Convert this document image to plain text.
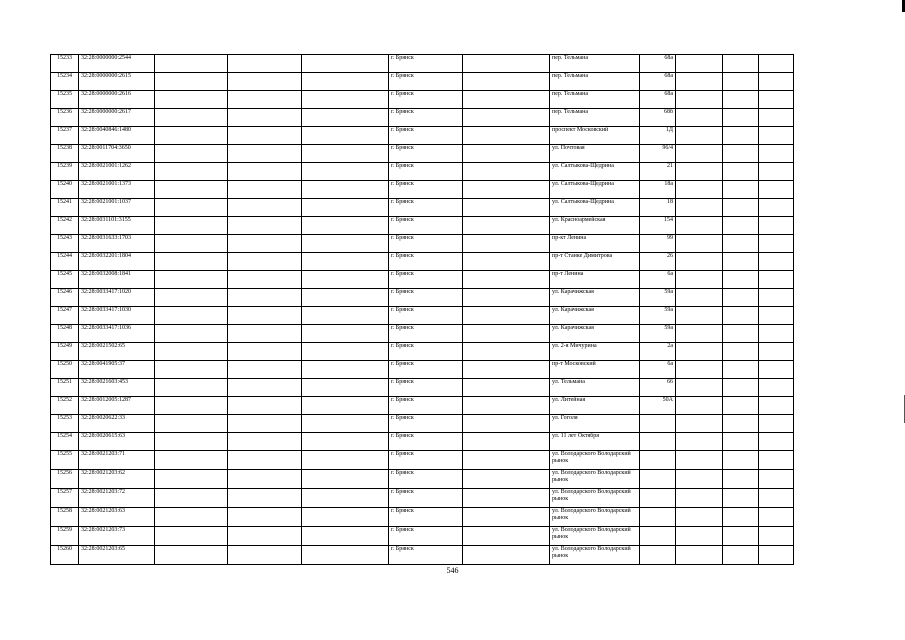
15233	32:28:0000000:2544				г. Брянск		пер. Тельмана	68а			
15234	32:28:0000000:2615				г. Брянск		пер. Тельмана	68а			
15235	32:28:0000000:2616				г. Брянск		пер. Тельмана	68а			
15236	32:28:0000000:2617				г. Брянск		пер. Тельмана	68б			
15237	32:28:0040846:1480				г. Брянск		проспект Московский	1Д			
15238	32:28:0011704:3650				г. Брянск		ул. Почтовая	96/4			
15239	32:28:0021001:1262				г. Брянск		ул. Салтыкова-Щедрина	21			
15240	32:28:0021001:1373				г. Брянск		ул. Салтыкова-Щедрина	18а			
15241	32:28:0021001:1037				г. Брянск		ул. Салтыкова-Щедрина	18			
15242	32:28:0031101:3155				г. Брянск		ул. Красноармейская	154			
15243	32:28:0031633:1703				г. Брянск		пр-кт Ленина	99			
15244	32:28:0032201:1804				г. Брянск		пр-т Станке Димитрова	26			
15245	32:28:0032008:1841				г. Брянск		пр-т Ленина	6а			
15246	32:28:0033417:1020				г. Брянск		ул. Карачижская	59а			
15247	32:28:0033417:1030				г. Брянск		ул. Карачижская	59а			
15248	32:28:0033417:1036				г. Брянск		ул. Карачижская	59а			
15249	32:28:0021502:65				г. Брянск		ул. 2-я Мичурина	2а			
15250	32:28:0041905:37				г. Брянск		пр-т Московский	6а			
15251	32:28:0021603:453				г. Брянск		ул. Тельмана	66			
15252	32:28:0012005:1287				г. Брянск		ул. Литейная	50А			
15253	32:28:0020622:33				г. Брянск		ул. Гоголя				
15254	32:28:0020615:63				г. Брянск		ул. 11 лет Октября				
15255	32:28:0021203:71				г. Брянск		ул. Володарского Володарский рынок				
15256	32:28:0021203:62				г. Брянск		ул. Володарского Володарский рынок				
15257	32:28:0021203:72				г. Брянск		ул. Володарского Володарский рынок				
15258	32:28:0021203:63				г. Брянск		ул. Володарского Володарский рынок				
15259	32:28:0021203:73				г. Брянск		ул. Володарского Володарский рынок				
15260	32:28:0021203:65				г. Брянск		ул. Володарского Володарский рынок				
546
